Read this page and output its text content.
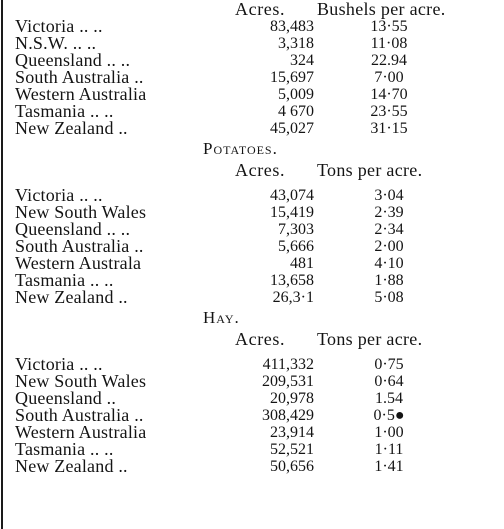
Acres. Bushels per acre.
Victoria .. ..	83,483	13·55
N.S.W. .. ..	3,318	11·08
Queensland .. ..	324	22.94
South Australia ..	15,697	7·00
Western Australia	5,009	14·70
Tasmania .. ..	4 670	23·55
New Zealand ..	45,027	31·15
Potatoes.
Acres. Tons per acre.
Victoria .. ..	43,074	3·04
New South Wales	15,419	2·39
Queensland .. ..	7,303	2·34
South Australia ..	5,666	2·00
Western Australa	481	4·10
Tasmania .. ..	13,658	1·88
New Zealand ..	26,3·1	5·08
Hay.
Acres. Tons per acre.
Victoria .. ..	411,332	0·75
New South Wales	209,531	0·64
Queensland ..	20,978	1.54
South Australia ..	308,429	0·5●
Western Australia	23,914	1·00
Tasmania .. ..	52,521	1·11
New Zealand ..	50,656	1·41
